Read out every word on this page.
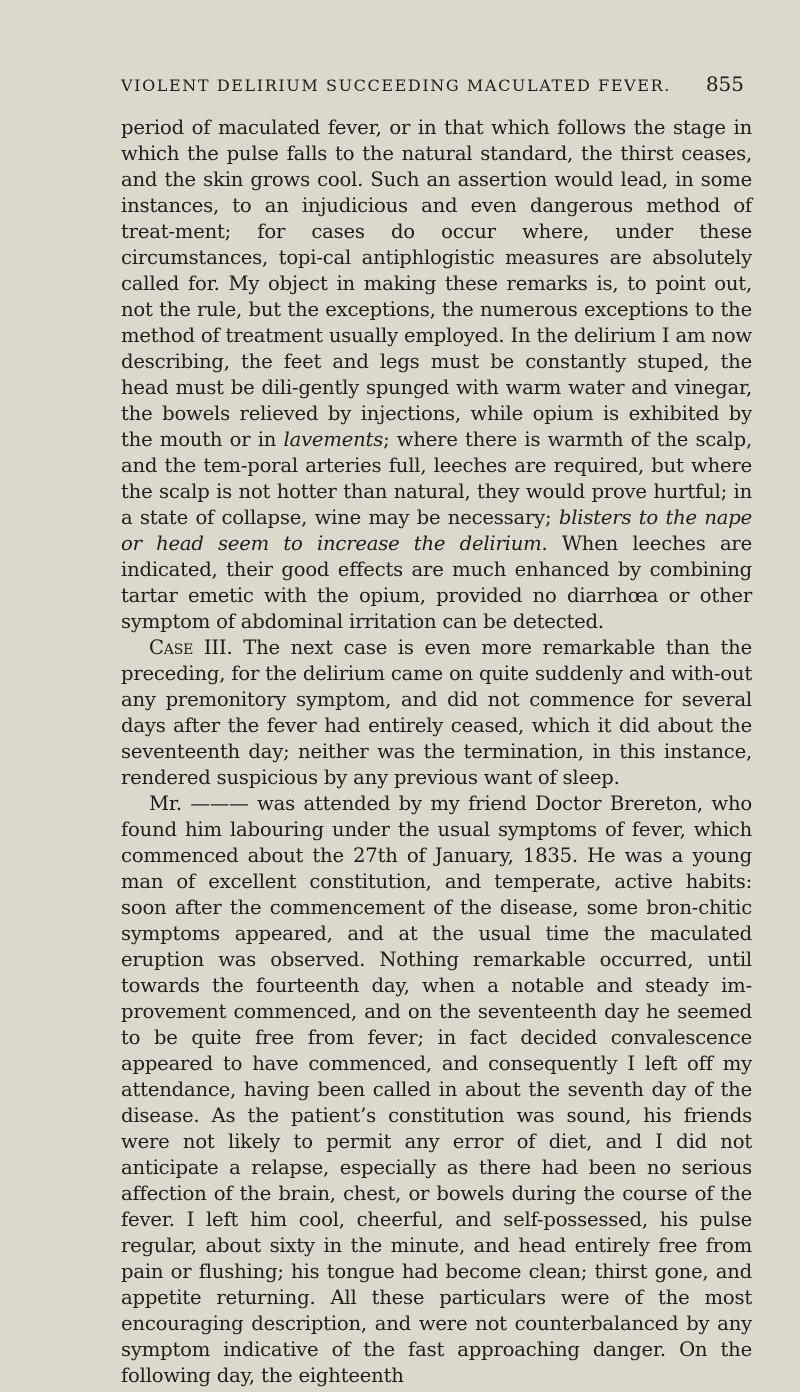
VIOLENT DELIRIUM SUCCEEDING MACULATED FEVER. 855

period of maculated fever, or in that which follows the stage in which the pulse falls to the natural standard, the thirst ceases, and the skin grows cool. Such an assertion would lead, in some instances, to an injudicious and even dangerous method of treat-ment; for cases do occur where, under these circumstances, topi-cal antiphlogistic measures are absolutely called for. My object in making these remarks is, to point out, not the rule, but the exceptions, the numerous exceptions to the method of treatment usually employed. In the delirium I am now describing, the feet and legs must be constantly stuped, the head must be dili-gently spunged with warm water and vinegar, the bowels relieved by injections, while opium is exhibited by the mouth or in lavements; where there is warmth of the scalp, and the tem-poral arteries full, leeches are required, but where the scalp is not hotter than natural, they would prove hurtful; in a state of collapse, wine may be necessary; blisters to the nape or head seem to increase the delirium. When leeches are indicated, their good effects are much enhanced by combining tartar emetic with the opium, provided no diarrhœa or other symptom of abdominal irritation can be detected.

Case III. The next case is even more remarkable than the preceding, for the delirium came on quite suddenly and with-out any premonitory symptom, and did not commence for several days after the fever had entirely ceased, which it did about the seventeenth day; neither was the termination, in this instance, rendered suspicious by any previous want of sleep.

Mr. ——— was attended by my friend Doctor Brereton, who found him labouring under the usual symptoms of fever, which commenced about the 27th of January, 1835. He was a young man of excellent constitution, and temperate, active habits: soon after the commencement of the disease, some bron-chitic symptoms appeared, and at the usual time the maculated eruption was observed. Nothing remarkable occurred, until towards the fourteenth day, when a notable and steady im-provement commenced, and on the seventeenth day he seemed to be quite free from fever; in fact decided convalescence appeared to have commenced, and consequently I left off my attendance, having been called in about the seventh day of the disease. As the patient’s constitution was sound, his friends were not likely to permit any error of diet, and I did not anticipate a relapse, especially as there had been no serious affection of the brain, chest, or bowels during the course of the fever. I left him cool, cheerful, and self-possessed, his pulse regular, about sixty in the minute, and head entirely free from pain or flushing; his tongue had become clean; thirst gone, and appetite returning. All these particulars were of the most encouraging description, and were not counterbalanced by any symptom indicative of the fast approaching danger. On the following day, the eighteenth
